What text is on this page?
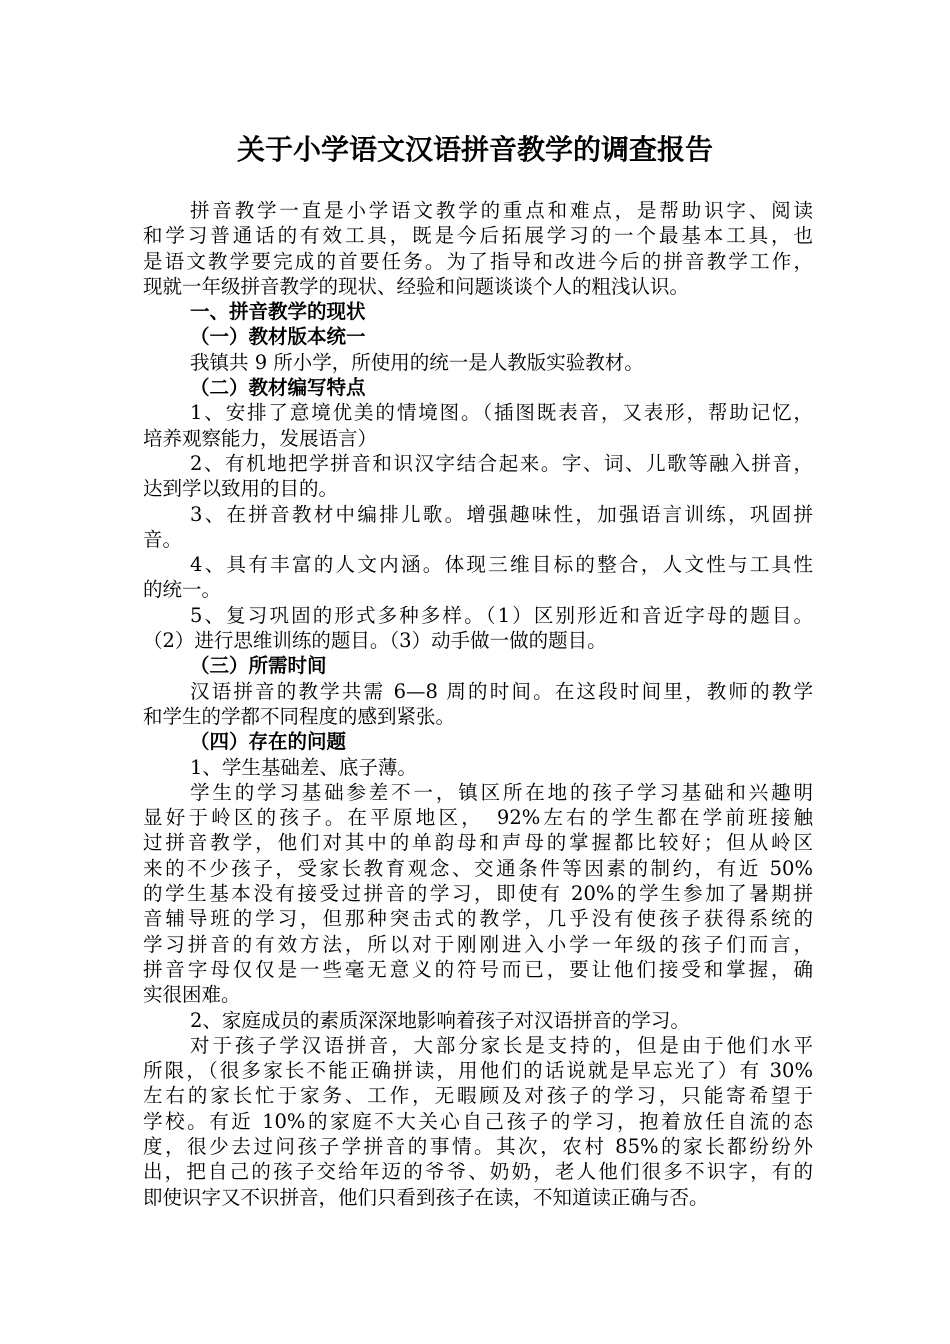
关于小学语文汉语拼音教学的调查报告
拼音教学一直是小学语文教学的重点和难点，是帮助识字、阅读
和学习普通话的有效工具，既是今后拓展学习的一个最基本工具，也
是语文教学要完成的首要任务。为了指导和改进今后的拼音教学工作，
现就一年级拼音教学的现状、经验和问题谈谈个人的粗浅认识。
一、拼音教学的现状
（一）教材版本统一
我镇共 9 所小学，所使用的统一是人教版实验教材。
（二）教材编写特点
1、安排了意境优美的情境图。（插图既表音，又表形，帮助记忆，
培养观察能力，发展语言）
2、有机地把学拼音和识汉字结合起来。字、词、儿歌等融入拼音，
达到学以致用的目的。
3、在拼音教材中编排儿歌。增强趣味性，加强语言训练，巩固拼
音。
4、具有丰富的人文内涵。体现三维目标的整合，人文性与工具性
的统一。
5、复习巩固的形式多种多样。（1）区别形近和音近字母的题目。
（2）进行思维训练的题目。（3）动手做一做的题目。
（三）所需时间
汉语拼音的教学共需 6—8 周的时间。在这段时间里，教师的教学
和学生的学都不同程度的感到紧张。
（四）存在的问题
1、学生基础差、底子薄。
学生的学习基础参差不一，镇区所在地的孩子学习基础和兴趣明
显好于岭区的孩子。在平原地区，　92%左右的学生都在学前班接触
过拼音教学，他们对其中的单韵母和声母的掌握都比较好；但从岭区
来的不少孩子，受家长教育观念、交通条件等因素的制约，有近 50%
的学生基本没有接受过拼音的学习，即使有 20%的学生参加了暑期拼
音辅导班的学习，但那种突击式的教学，几乎没有使孩子获得系统的
学习拼音的有效方法，所以对于刚刚进入小学一年级的孩子们而言，
拼音字母仅仅是一些毫无意义的符号而已，要让他们接受和掌握，确
实很困难。
2、家庭成员的素质深深地影响着孩子对汉语拼音的学习。
对于孩子学汉语拼音，大部分家长是支持的，但是由于他们水平
所限，（很多家长不能正确拼读，用他们的话说就是早忘光了）有 30%
左右的家长忙于家务、工作，无暇顾及对孩子的学习，只能寄希望于
学校。有近 10%的家庭不大关心自己孩子的学习，抱着放任自流的态
度，很少去过问孩子学拼音的事情。其次，农村 85%的家长都纷纷外
出，把自己的孩子交给年迈的爷爷、奶奶，老人他们很多不识字，有的
即使识字又不识拼音，他们只看到孩子在读，不知道读正确与否。
